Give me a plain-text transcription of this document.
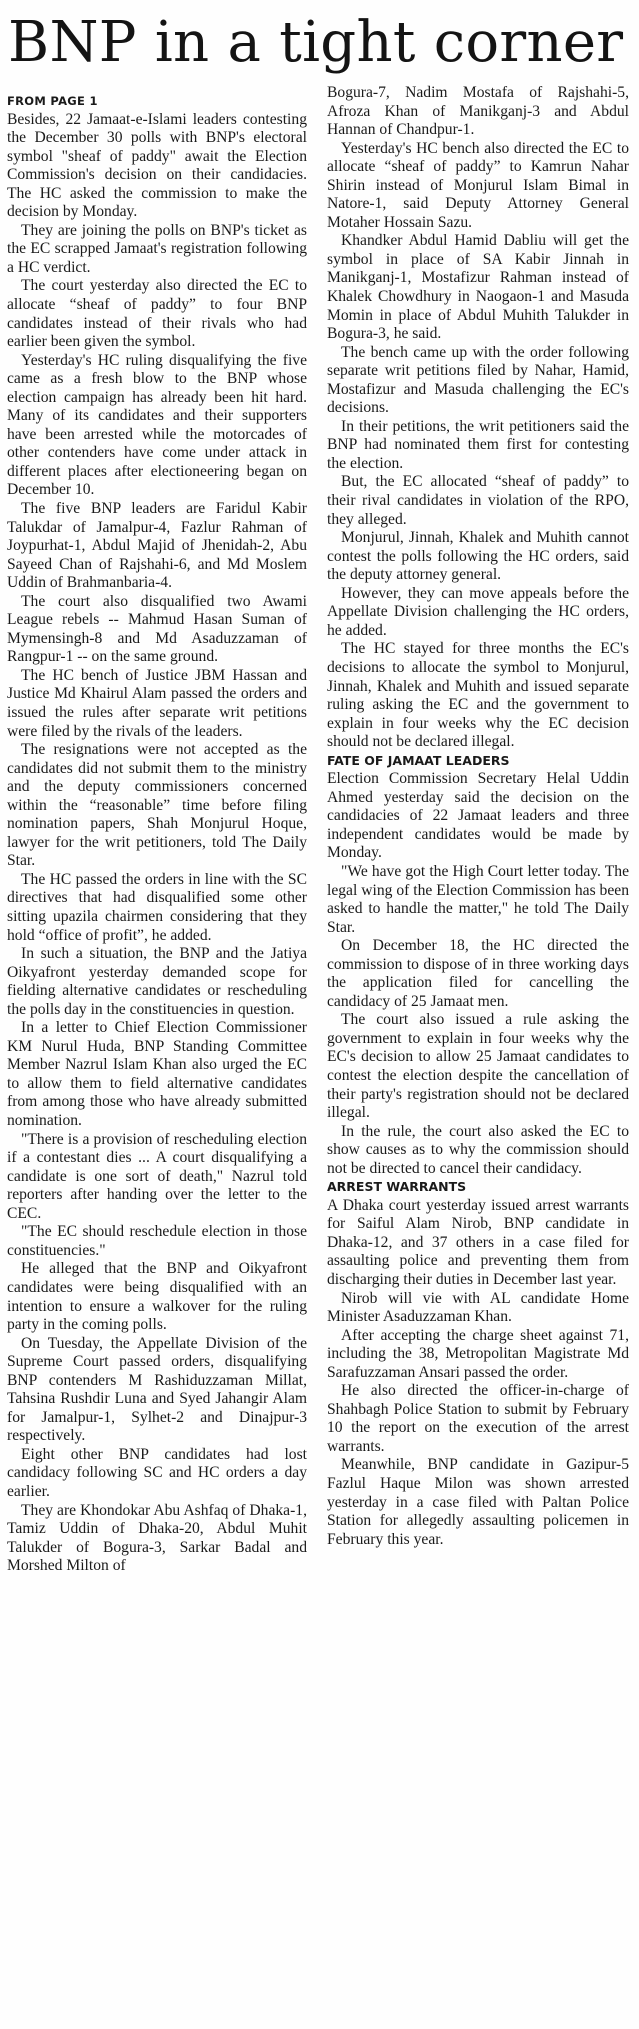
BNP in a tight corner
FROM PAGE 1

Besides, 22 Jamaat-e-Islami leaders contesting the December 30 polls with BNP's electoral symbol "sheaf of paddy" await the Election Commission's decision on their candidacies. The HC asked the commission to make the decision by Monday.

They are joining the polls on BNP's ticket as the EC scrapped Jamaat's registration following a HC verdict.

The court yesterday also directed the EC to allocate “sheaf of paddy” to four BNP candidates instead of their rivals who had earlier been given the symbol.

Yesterday's HC ruling disqualifying the five came as a fresh blow to the BNP whose election campaign has already been hit hard. Many of its candidates and their supporters have been arrested while the motorcades of other contenders have come under attack in different places after electioneering began on December 10.

The five BNP leaders are Faridul Kabir Talukdar of Jamalpur-4, Fazlur Rahman of Joypurhat-1, Abdul Majid of Jhenidah-2, Abu Sayeed Chan of Rajshahi-6, and Md Moslem Uddin of Brahmanbaria-4.

The court also disqualified two Awami League rebels -- Mahmud Hasan Suman of Mymensingh-8 and Md Asaduzzaman of Rangpur-1 -- on the same ground.

The HC bench of Justice JBM Hassan and Justice Md Khairul Alam passed the orders and issued the rules after separate writ petitions were filed by the rivals of the leaders.

The resignations were not accepted as the candidates did not submit them to the ministry and the deputy commissioners concerned within the “reasonable” time before filing nomination papers, Shah Monjurul Hoque, lawyer for the writ petitioners, told The Daily Star.

The HC passed the orders in line with the SC directives that had disqualified some other sitting upazila chairmen considering that they hold “office of profit”, he added.

In such a situation, the BNP and the Jatiya Oikyafront yesterday demanded scope for fielding alternative candidates or rescheduling the polls day in the constituencies in question.

In a letter to Chief Election Commissioner KM Nurul Huda, BNP Standing Committee Member Nazrul Islam Khan also urged the EC to allow them to field alternative candidates from among those who have already submitted nomination.

"There is a provision of rescheduling election if a contestant dies ... A court disqualifying a candidate is one sort of death," Nazrul told reporters after handing over the letter to the CEC.

"The EC should reschedule election in those constituencies."

He alleged that the BNP and Oikyafront candidates were being disqualified with an intention to ensure a walkover for the ruling party in the coming polls.

On Tuesday, the Appellate Division of the Supreme Court passed orders, disqualifying BNP contenders M Rashiduzzaman Millat, Tahsina Rushdir Luna and Syed Jahangir Alam for Jamalpur-1, Sylhet-2 and Dinajpur-3 respectively.

Eight other BNP candidates had lost candidacy following SC and HC orders a day earlier.

They are Khondokar Abu Ashfaq of Dhaka-1, Tamiz Uddin of Dhaka-20, Abdul Muhit Talukder of Bogura-3, Sarkar Badal and Morshed Milton of

Bogura-7, Nadim Mostafa of Rajshahi-5, Afroza Khan of Manikganj-3 and Abdul Hannan of Chandpur-1.

Yesterday's HC bench also directed the EC to allocate “sheaf of paddy” to Kamrun Nahar Shirin instead of Monjurul Islam Bimal in Natore-1, said Deputy Attorney General Motaher Hossain Sazu.

Khandker Abdul Hamid Dabliu will get the symbol in place of SA Kabir Jinnah in Manikganj-1, Mostafizur Rahman instead of Khalek Chowdhury in Naogaon-1 and Masuda Momin in place of Abdul Muhith Talukder in Bogura-3, he said.

The bench came up with the order following separate writ petitions filed by Nahar, Hamid, Mostafizur and Masuda challenging the EC's decisions.

In their petitions, the writ petitioners said the BNP had nominated them first for contesting the election.

But, the EC allocated “sheaf of paddy” to their rival candidates in violation of the RPO, they alleged.

Monjurul, Jinnah, Khalek and Muhith cannot contest the polls following the HC orders, said the deputy attorney general.

However, they can move appeals before the Appellate Division challenging the HC orders, he added.

The HC stayed for three months the EC's decisions to allocate the symbol to Monjurul, Jinnah, Khalek and Muhith and issued separate ruling asking the EC and the government to explain in four weeks why the EC decision should not be declared illegal.

FATE OF JAMAAT LEADERS

Election Commission Secretary Helal Uddin Ahmed yesterday said the decision on the candidacies of 22 Jamaat leaders and three independent candidates would be made by Monday.

"We have got the High Court letter today. The legal wing of the Election Commission has been asked to handle the matter," he told The Daily Star.

On December 18, the HC directed the commission to dispose of in three working days the application filed for cancelling the candidacy of 25 Jamaat men.

The court also issued a rule asking the government to explain in four weeks why the EC's decision to allow 25 Jamaat candidates to contest the election despite the cancellation of their party's registration should not be declared illegal.

In the rule, the court also asked the EC to show causes as to why the commission should not be directed to cancel their candidacy.

ARREST WARRANTS

A Dhaka court yesterday issued arrest warrants for Saiful Alam Nirob, BNP candidate in Dhaka-12, and 37 others in a case filed for assaulting police and preventing them from discharging their duties in December last year.

Nirob will vie with AL candidate Home Minister Asaduzzaman Khan.

After accepting the charge sheet against 71, including the 38, Metropolitan Magistrate Md Sarafuzzaman Ansari passed the order.

He also directed the officer-in-charge of Shahbagh Police Station to submit by February 10 the report on the execution of the arrest warrants.

Meanwhile, BNP candidate in Gazipur-5 Fazlul Haque Milon was shown arrested yesterday in a case filed with Paltan Police Station for allegedly assaulting policemen in February this year.
